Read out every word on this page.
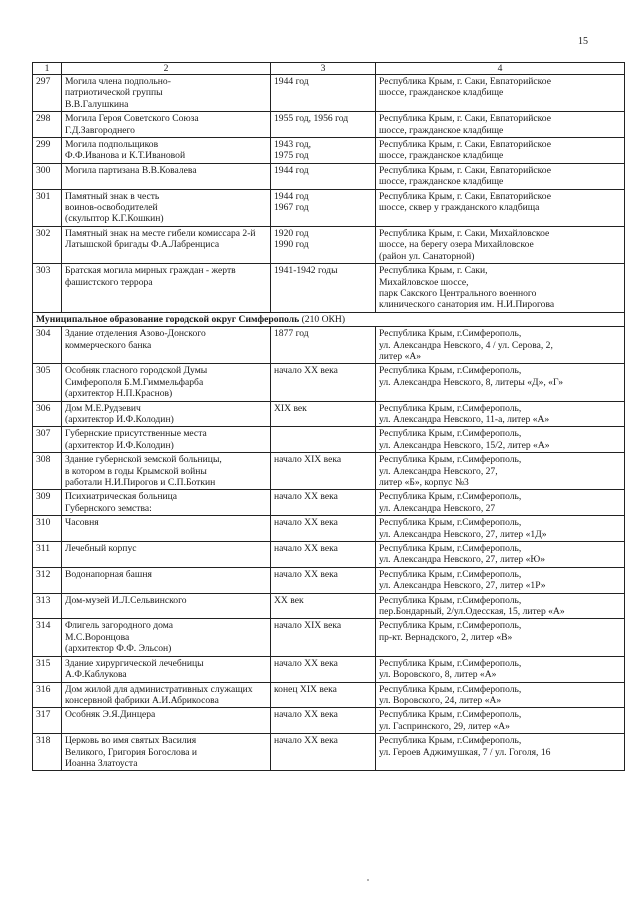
15
1	2	3	4
297	Могила члена подпольно-
патриотической группы
В.В.Галушкина	1944 год	Республика Крым, г. Саки, Евпаторийское
шоссе, гражданское кладбище
298	Могила Героя Советского Союза
Г.Д.Завгороднего	1955 год, 1956 год	Республика Крым, г. Саки, Евпаторийское
шоссе, гражданское кладбище
299	Могила подпольщиков
Ф.Ф.Иванова и К.Т.Ивановой	1943 год,
1975 год	Республика Крым, г. Саки, Евпаторийское
шоссе, гражданское кладбище
300	Могила партизана В.В.Ковалева	1944 год	Республика Крым, г. Саки, Евпаторийское
шоссе, гражданское кладбище
301	Памятный знак в честь
воинов-освободителей
(скульптор К.Г.Кошкин)	1944 год
1967 год	Республика Крым, г. Саки, Евпаторийское
шоссе, сквер у гражданского кладбища
302	Памятный знак на месте гибели комиссара 2-й Латышской бригады Ф.А.Лабренциса	1920 год
1990 год	Республика Крым, г. Саки, Михайловское
шоссе, на берегу озера Михайловское
(район ул. Санаторной)
303	Братская могила мирных граждан - жертв фашистского террора	1941-1942 годы	Республика Крым, г. Саки,
Михайловское шоссе,
парк Сакского Центрального военного
клинического санатория им. Н.И.Пирогова
Муниципальное образование городской округ Симферополь (210 ОКН)			
304	Здание отделения Азово-Донского
коммерческого банка	1877 год	Республика Крым, г.Симферополь,
ул. Александра Невского, 4 / ул. Серова, 2,
литер «А»
305	Особняк гласного городской Думы
Симферополя Б.М.Гиммельфарба
(архитектор Н.П.Краснов)	начало XX века	Республика Крым, г.Симферополь,
ул. Александра Невского, 8, литеры «Д», «Г»
306	Дом М.Е.Рудзевич
(архитектор И.Ф.Колодин)	XIX век	Республика Крым, г.Симферополь,
ул. Александра Невского, 11-а, литер «А»
307	Губернские присутственные места
(архитектор И.Ф.Колодин)		Республика Крым, г.Симферополь,
ул. Александра Невского, 15/2, литер «А»
308	Здание губернской земской больницы,
в котором в годы Крымской войны
работали Н.И.Пирогов и С.П.Боткин	начало XIX века	Республика Крым, г.Симферополь,
ул. Александра Невского, 27,
литер «Б», корпус №3
309	Психиатрическая больница
Губернского земства:	начало XX века	Республика Крым, г.Симферополь,
ул. Александра Невского, 27
310	Часовня	начало XX века	Республика Крым, г.Симферополь,
ул. Александра Невского, 27, литер «1Д»
311	Лечебный корпус	начало XX века	Республика Крым, г.Симферополь,
ул. Александра Невского, 27, литер «Ю»
312	Водонапорная башня	начало XX века	Республика Крым, г.Симферополь,
ул. Александра Невского, 27, литер «1Р»
313	Дом-музей И.Л.Сельвинского	XX век	Республика Крым, г.Симферополь,
пер.Бондарный, 2/ул.Одесская, 15, литер «А»
314	Флигель загородного дома
М.С.Воронцова
(архитектор Ф.Ф. Эльсон)	начало XIX века	Республика Крым, г.Симферополь,
пр-кт. Вернадского, 2, литер «В»
315	Здание хирургической лечебницы
А.Ф.Каблукова	начало XX века	Республика Крым, г.Симферополь,
ул. Воровского, 8, литер «А»
316	Дом жилой для административных служащих консервной фабрики А.И.Абрикосова	конец XIX века	Республика Крым, г.Симферополь,
ул. Воровского, 24, литер «А»
317	Особняк Э.Я.Динцера	начало XX века	Республика Крым, г.Симферополь,
ул. Гаспринского, 29, литер «А»
318	Церковь во имя святых Василия
Великого, Григория Богослова и
Иоанна Златоуста	начало XX века	Республика Крым, г.Симферополь,
ул. Героев Аджимушкая, 7 / ул. Гоголя, 16
